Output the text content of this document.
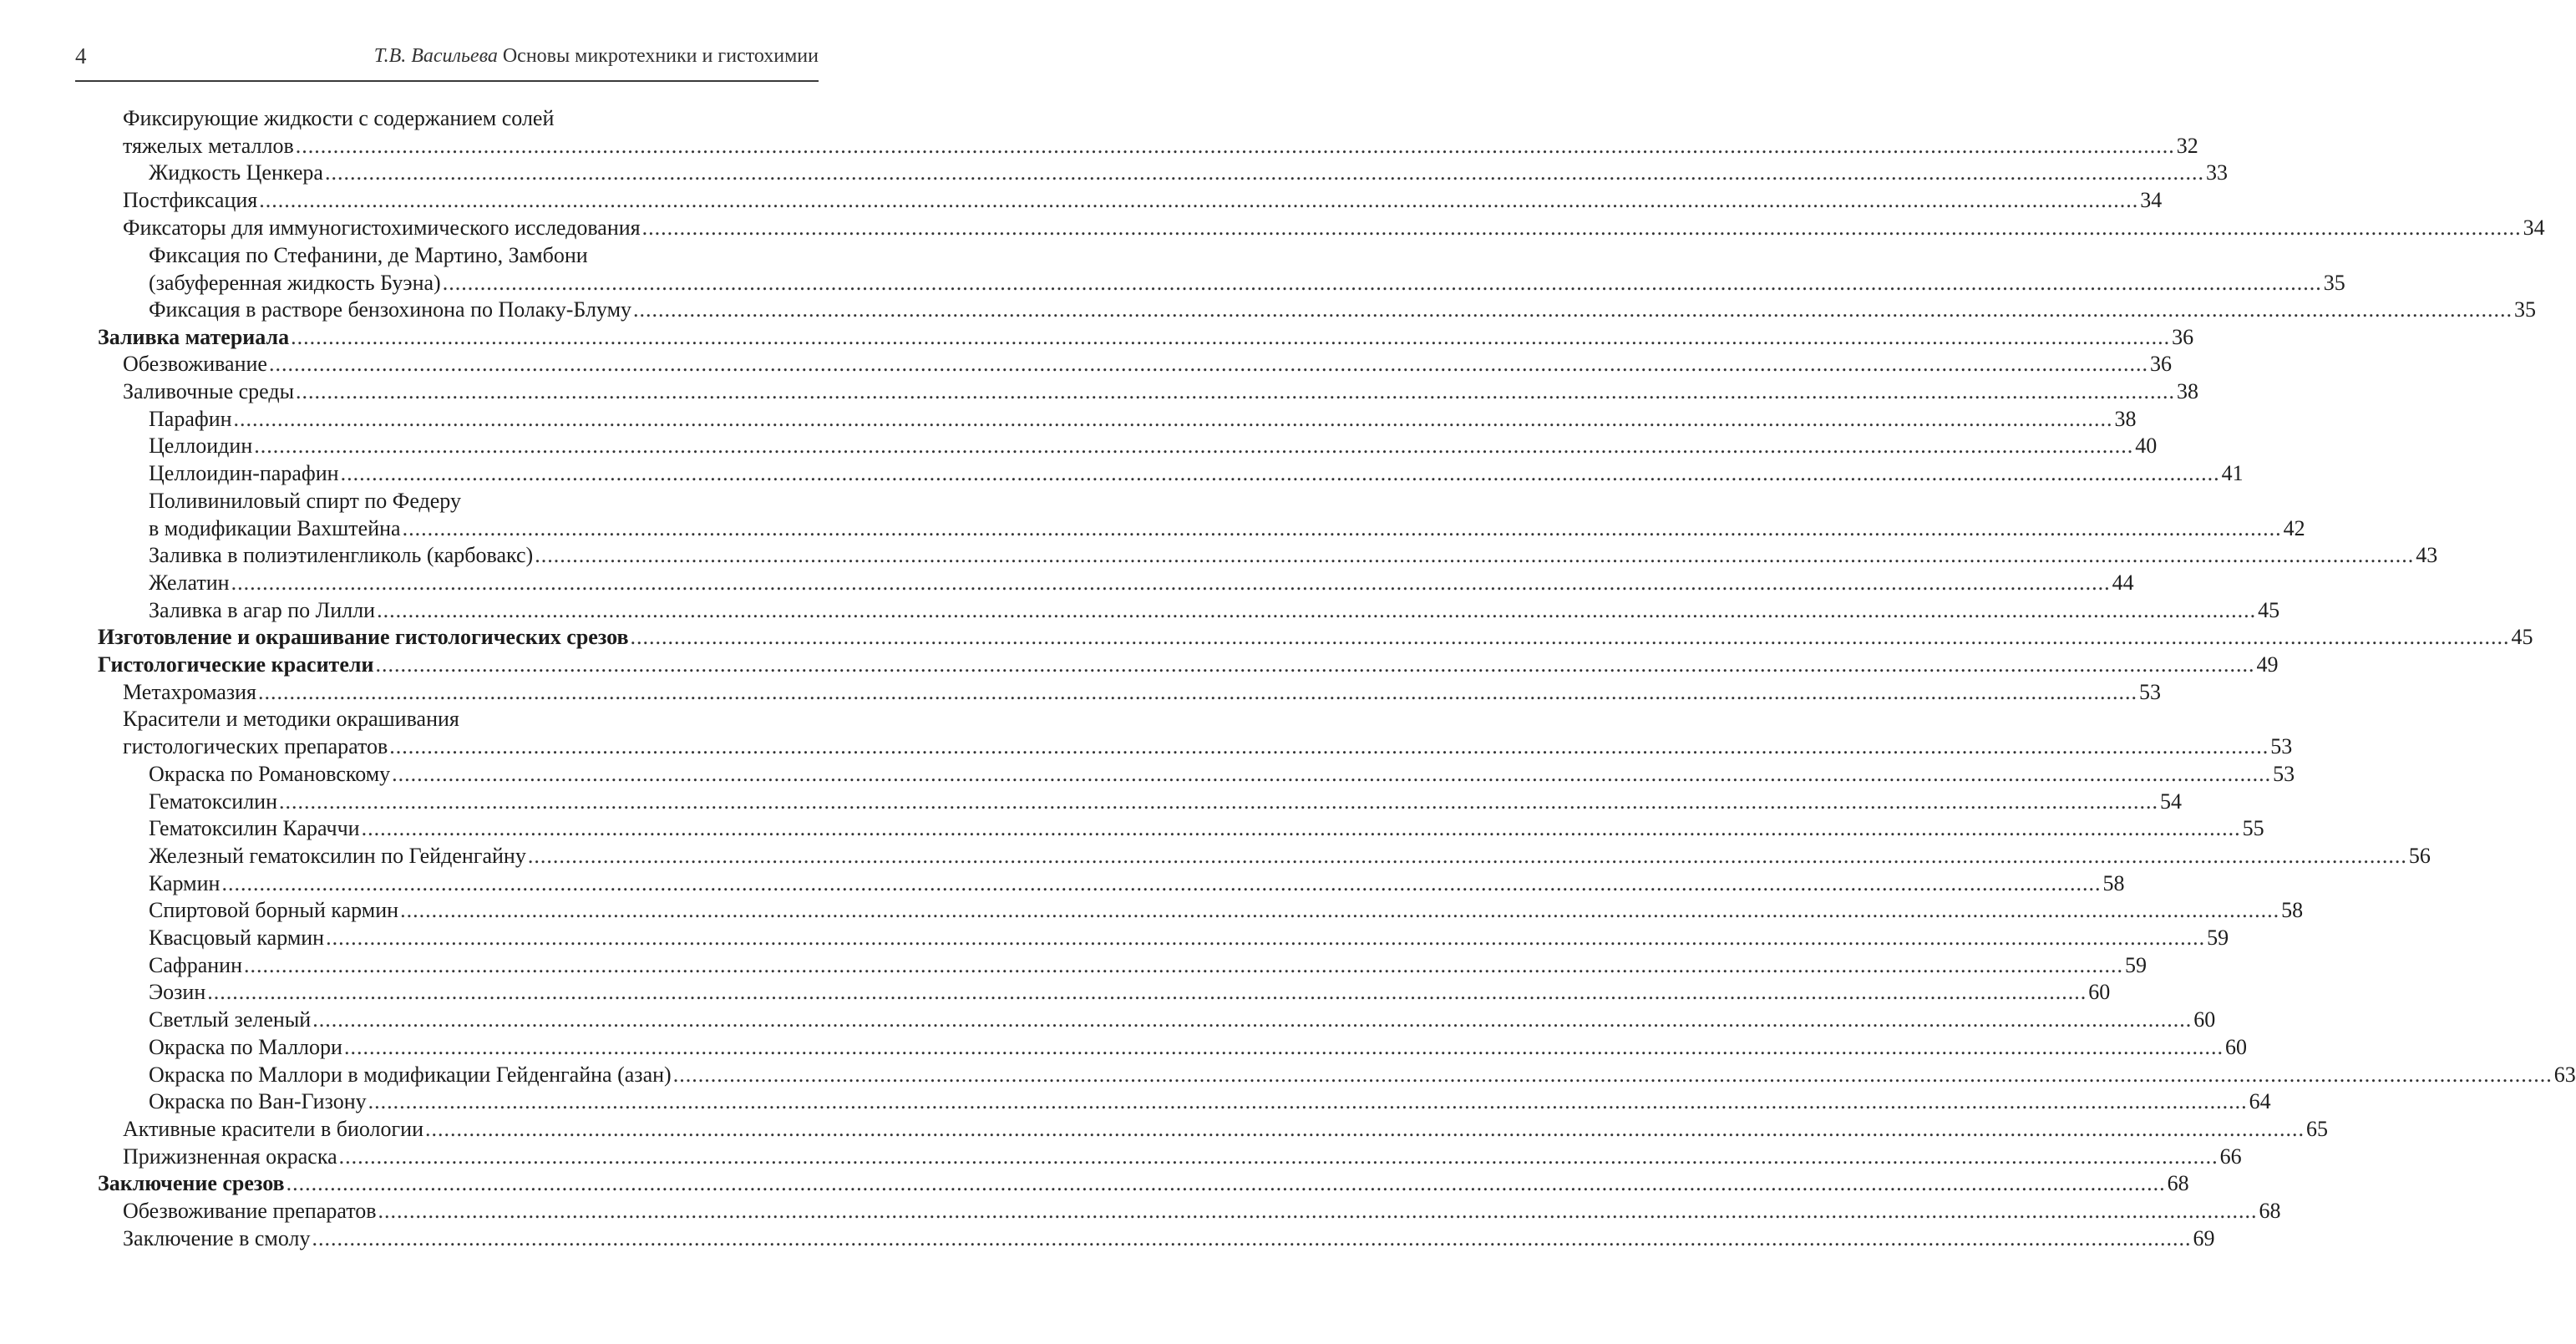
4	Т.В. Васильева Основы микротехники и гистохимии
Фиксирующие жидкости с содержанием солей
тяжелых металлов ............................................................................................................................................................................................................................................................................................................ 32
Жидкость Ценкера ............................................................................................................................................................................................................................................................................................................ 33
Постфиксация ............................................................................................................................................................................................................................................................................................................ 34
Фиксаторы для иммуногистохимического исследования ............................................................................................................................................................................................................................................................................................................ 34
Фиксация по Стефанини, де Мартино, Замбони
(забуференная жидкость Буэна) ............................................................................................................................................................................................................................................................................................................ 35
Фиксация в растворе бензохинона по Полаку-Блуму ............................................................................................................................................................................................................................................................................................................ 35
Заливка материала ............................................................................................................................................................................................................................................................................................................ 36
Обезвоживание ............................................................................................................................................................................................................................................................................................................ 36
Заливочные среды ............................................................................................................................................................................................................................................................................................................ 38
Парафин ............................................................................................................................................................................................................................................................................................................ 38
Целлоидин ............................................................................................................................................................................................................................................................................................................ 40
Целлоидин-парафин ............................................................................................................................................................................................................................................................................................................ 41
Поливиниловый спирт по Федеру
в модификации Вахштейна ............................................................................................................................................................................................................................................................................................................ 42
Заливка в полиэтиленгликоль (карбовакс) ............................................................................................................................................................................................................................................................................................................ 43
Желатин ............................................................................................................................................................................................................................................................................................................ 44
Заливка в агар по Лилли ............................................................................................................................................................................................................................................................................................................ 45
Изготовление и окрашивание гистологических срезов ............................................................................................................................................................................................................................................................................................................ 45
Гистологические красители ............................................................................................................................................................................................................................................................................................................ 49
Метахромазия ............................................................................................................................................................................................................................................................................................................ 53
Красители и методики окрашивания
гистологических препаратов ............................................................................................................................................................................................................................................................................................................ 53
Окраска по Романовскому ............................................................................................................................................................................................................................................................................................................ 53
Гематоксилин ............................................................................................................................................................................................................................................................................................................ 54
Гематоксилин Караччи ............................................................................................................................................................................................................................................................................................................ 55
Железный гематоксилин по Гейденгайну ............................................................................................................................................................................................................................................................................................................ 56
Кармин ............................................................................................................................................................................................................................................................................................................ 58
Спиртовой борный кармин ............................................................................................................................................................................................................................................................................................................ 58
Квасцовый кармин ............................................................................................................................................................................................................................................................................................................ 59
Сафранин ............................................................................................................................................................................................................................................................................................................ 59
Эозин ............................................................................................................................................................................................................................................................................................................ 60
Светлый зеленый ............................................................................................................................................................................................................................................................................................................ 60
Окраска по Маллори ............................................................................................................................................................................................................................................................................................................ 60
Окраска по Маллори в модификации Гейденгайна (азан) ............................................................................................................................................................................................................................................................................................................ 63
Окраска по Ван-Гизону ............................................................................................................................................................................................................................................................................................................ 64
Активные красители в биологии ............................................................................................................................................................................................................................................................................................................ 65
Прижизненная окраска ............................................................................................................................................................................................................................................................................................................ 66
Заключение срезов ............................................................................................................................................................................................................................................................................................................ 68
Обезвоживание препаратов ............................................................................................................................................................................................................................................................................................................ 68
Заключение в смолу ............................................................................................................................................................................................................................................................................................................ 69
